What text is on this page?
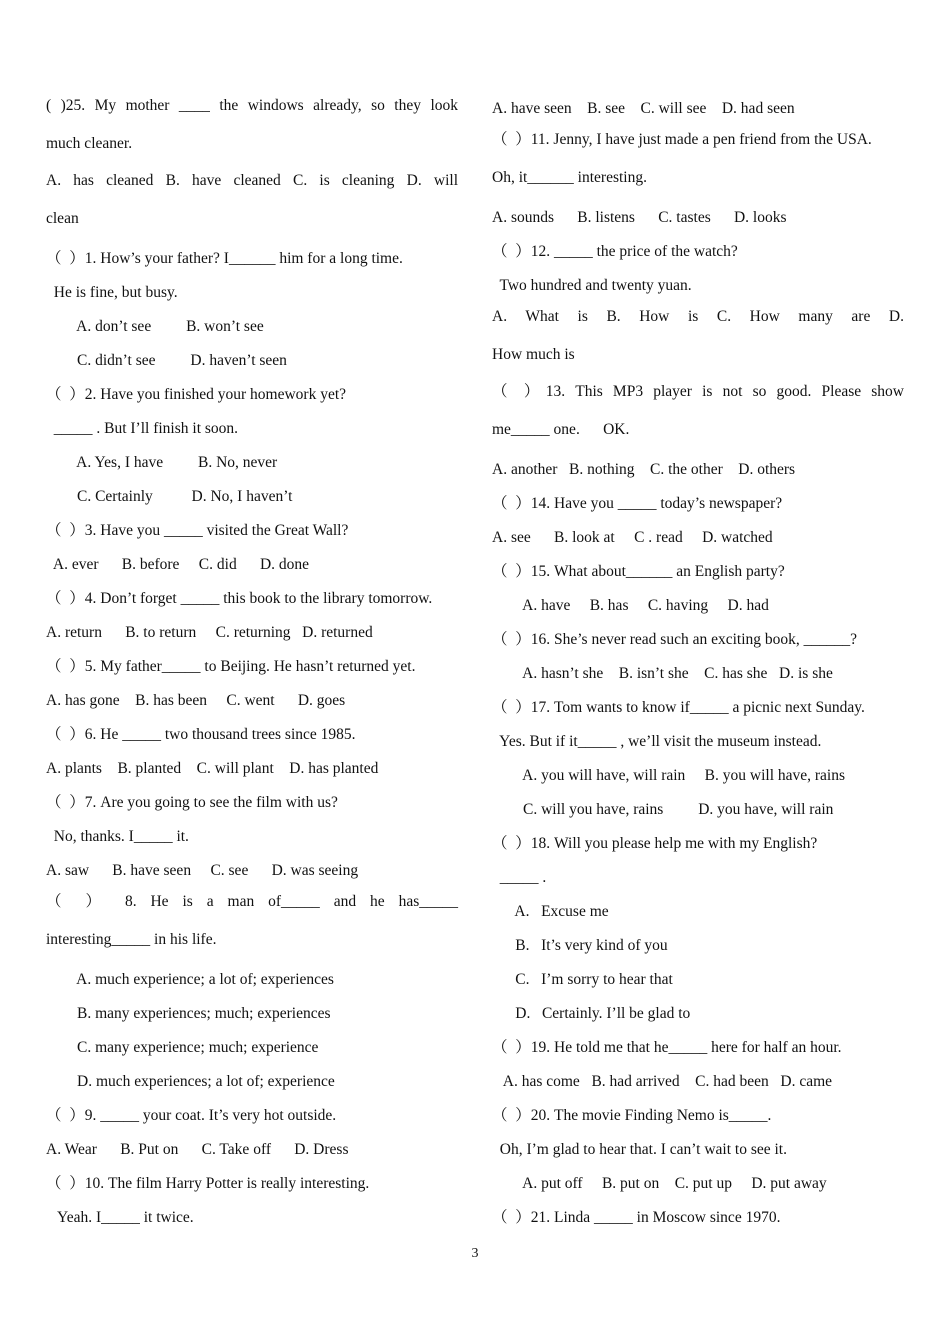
( )25. My mother ____ the windows already, so they look
much cleaner.
A. has cleaned B. have cleaned C. is cleaning D. will
clean
（  ）1. How’s your father? I______ him for a long time.
He is fine, but busy.
A. don’t see         B. won’t see
C. didn’t see         D. haven’t seen
（  ）2. Have you finished your homework yet?
_____ . But I’ll finish it soon.
A. Yes, I have         B. No, never
C. Certainly          D. No, I haven’t
（  ）3. Have you _____ visited the Great Wall?
A. ever      B. before     C. did      D. done
（  ）4. Don’t forget _____ this book to the library tomorrow.
A. return      B. to return     C. returning   D. returned
（  ）5. My father_____ to Beijing. He hasn’t returned yet.
A. has gone    B. has been     C. went      D. goes
（  ）6. He _____ two thousand trees since 1985.
A. plants    B. planted    C. will plant    D. has planted
（  ）7. Are you going to see the film with us?
No, thanks. I_____ it.
A. saw      B. have seen     C. see      D. was seeing
（ ） 8. He is a man of_____ and he has_____
interesting_____ in his life.
A. much experience; a lot of; experiences
B. many experiences; much; experiences
C. many experience; much; experience
D. much experiences; a lot of; experience
（  ）9. _____ your coat. It’s very hot outside.
A. Wear      B. Put on      C. Take off      D. Dress
（  ）10. The film Harry Potter is really interesting.
Yeah. I_____ it twice.
A. have seen    B. see    C. will see    D. had seen
（  ）11. Jenny, I have just made a pen friend from the USA.
Oh, it______ interesting.
A. sounds      B. listens      C. tastes      D. looks
（  ）12. _____ the price of the watch?
Two hundred and twenty yuan.
A. What is B. How is C. How many are D.
How much is
（ ）13. This MP3 player is not so good. Please show
me_____ one.      OK.
A. another   B. nothing    C. the other    D. others
（  ）14. Have you _____ today’s newspaper?
A. see      B. look at     C . read     D. watched
（  ）15. What about______ an English party?
A. have     B. has     C. having     D. had
（  ）16. She’s never read such an exciting book, ______?
A. hasn’t she    B. isn’t she    C. has she   D. is she
（  ）17. Tom wants to know if_____ a picnic next Sunday.
Yes. But if it_____ , we’ll visit the museum instead.
A. you will have, will rain     B. you will have, rains
C. will you have, rains         D. you have, will rain
（  ）18. Will you please help me with my English?
_____ .
A.   Excuse me
B.   It’s very kind of you
C.   I’m sorry to hear that
D.   Certainly. I’ll be glad to
（  ）19. He told me that he_____ here for half an hour.
A. has come   B. had arrived    C. had been   D. came
（  ）20. The movie Finding Nemo is_____.
Oh, I’m glad to hear that. I can’t wait to see it.
A. put off     B. put on    C. put up     D. put away
（  ）21. Linda _____ in Moscow since 1970.
3
